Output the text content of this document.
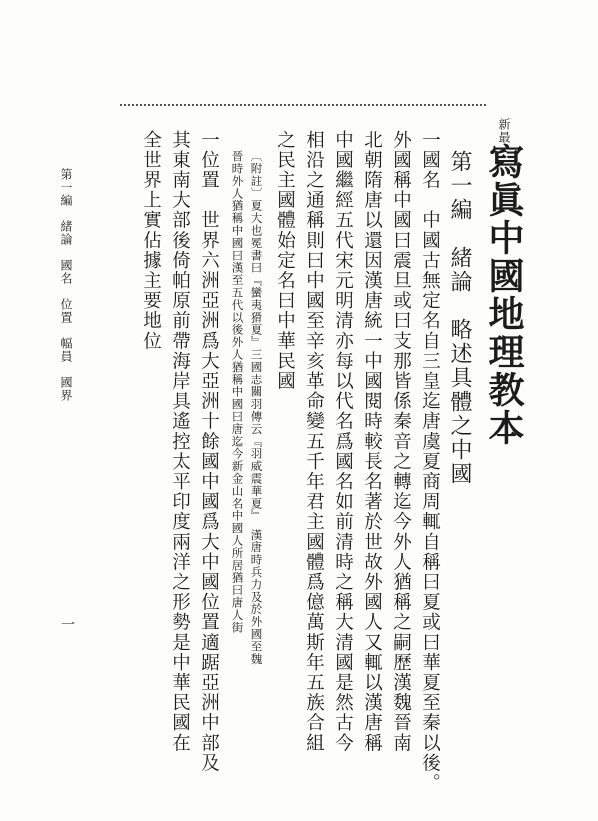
新最
寫眞中國地理教本
第一編　緒論　略述具體之中國
一國名　中國古無定名自三皇迄唐虞夏商周輒自稱曰夏或曰華夏至秦以後。
外國稱中國曰震旦或曰支那皆係秦音之轉迄今外人猶稱之嗣歷漢魏晉南
北朝隋唐以還因漢唐統一中國閱時較長名著於世故外國人又輒以漢唐稱
中國繼經五代宋元明清亦每以代名爲國名如前清時之稱大清國是然古今
相沿之通稱則曰中國至辛亥革命變五千年君主國體爲億萬斯年五族合組
之民主國體始定名曰中華民國
〔附註〕夏大也冕書曰『蠻夷猾夏』三國志關羽傳云『羽威震華夏』　漢唐時兵力及於外國至魏
晉時外人猶稱中國曰漢至五代以後外人猶稱中國曰唐迄今新金山名中國人所居猶曰唐人街
一位置　世界六洲亞洲爲大亞洲十餘國中國爲大中國位置適踞亞洲中部及
其東南大部後倚帕原前帶海岸具遙控太平印度兩洋之形勢是中華民國在
全世界上實佔據主要地位
第一編　緒論　國名　位置　幅員　國界
一
